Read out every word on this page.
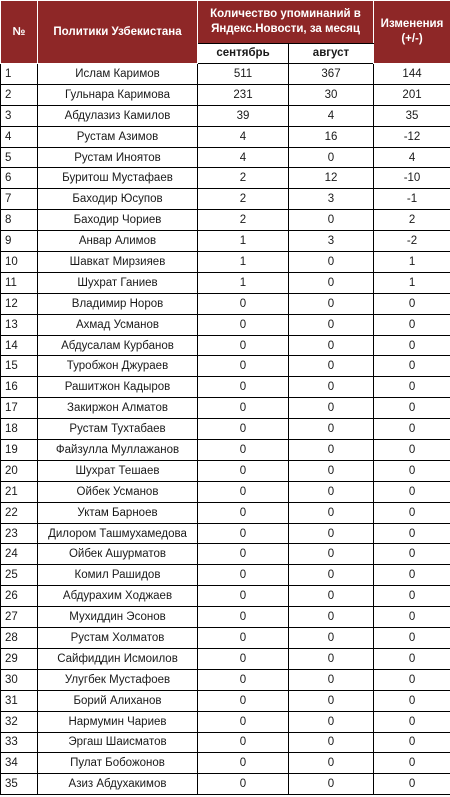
№	Политики Узбекистана	Количество упоминаний в Яндекс.Новости, за месяц		Изменения (+/-)
		сентябрь	август	
1	Ислам Каримов	511	367	144
2	Гульнара Каримова	231	30	201
3	Абдулазиз Камилов	39	4	35
4	Рустам Азимов	4	16	-12
5	Рустам Иноятов	4	0	4
6	Буритош Мустафаев	2	12	-10
7	Баходир Юсупов	2	3	-1
8	Баходир Чориев	2	0	2
9	Анвар Алимов	1	3	-2
10	Шавкат Мирзияев	1	0	1
11	Шухрат Ганиев	1	0	1
12	Владимир Норов	0	0	0
13	Ахмад Усманов	0	0	0
14	Абдусалам Курбанов	0	0	0
15	Туробжон Джураев	0	0	0
16	Рашитжон Кадыров	0	0	0
17	Закиржон Алматов	0	0	0
18	Рустам Тухтабаев	0	0	0
19	Файзулла Муллажанов	0	0	0
20	Шухрат Тешаев	0	0	0
21	Ойбек Усманов	0	0	0
22	Уктам Барноев	0	0	0
23	Дилором Ташмухамедова	0	0	0
24	Ойбек Ашурматов	0	0	0
25	Комил Рашидов	0	0	0
26	Абдурахим Ходжаев	0	0	0
27	Мухиддин Эсонов	0	0	0
28	Рустам Холматов	0	0	0
29	Сайфиддин Исмоилов	0	0	0
30	Улугбек Мустафоев	0	0	0
31	Борий Алиханов	0	0	0
32	Нармумин Чариев	0	0	0
33	Эргаш Шаисматов	0	0	0
34	Пулат Бобожонов	0	0	0
35	Азиз Абдухакимов	0	0	0
